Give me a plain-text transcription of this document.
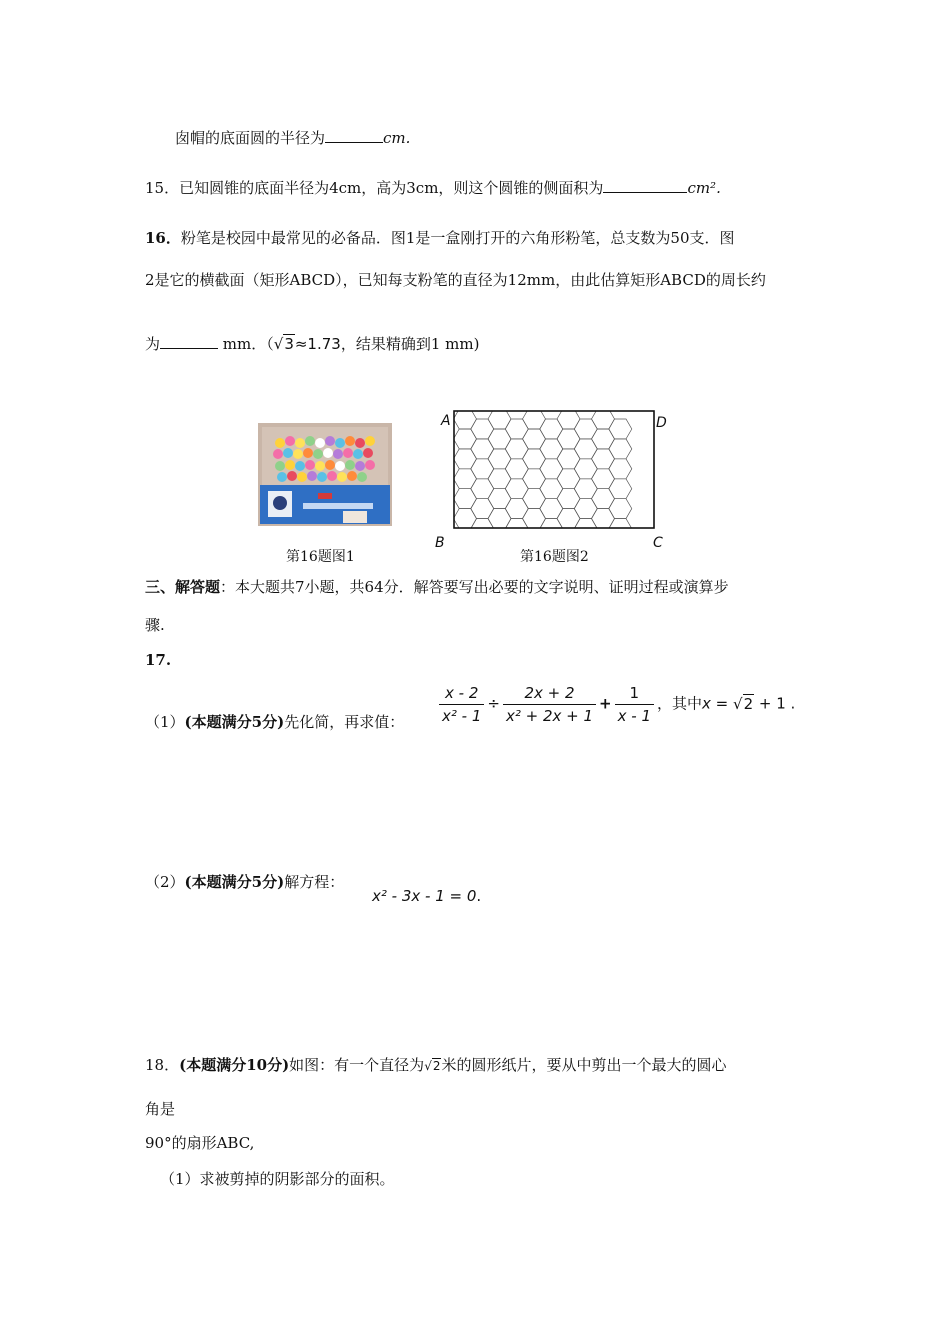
囱帽的底面圆的半径为	cm.
15．已知圆锥的底面半径为4cm，高为3cm，则这个圆锥的侧面积为	cm².
16．粉笔是校园中最常见的必备品．图1是一盒刚打开的六角形粉笔，总支数为50支．图
2是它的横截面（矩形ABCD），已知每支粉笔的直径为12mm，由此估算矩形ABCD的周长约
为	mm．（√3≈1.73，结果精确到1 mm)
A	D
B	C
第16题图1	第16题图2
三、解答题：本大题共7小题，共64分．解答要写出必要的文字说明、证明过程或演算步
骤.
17.
（1）(本题满分5分)先化简，再求值： $\frac{x - 2}{\text{x² - 1}} \div \frac{2x + 2}{\text{x² + 2x + 1}} + \frac{1}{x - 1}$ ，其中x = √2 + 1 .
（2）(本题满分5分)解方程：
x² - 3x - 1 = 0.
18．(本题满分10分)如图：有一个直径为√2米的圆形纸片，要从中剪出一个最大的圆心
角是
90°的扇形ABC,
（1）求被剪掉的阴影部分的面积。
